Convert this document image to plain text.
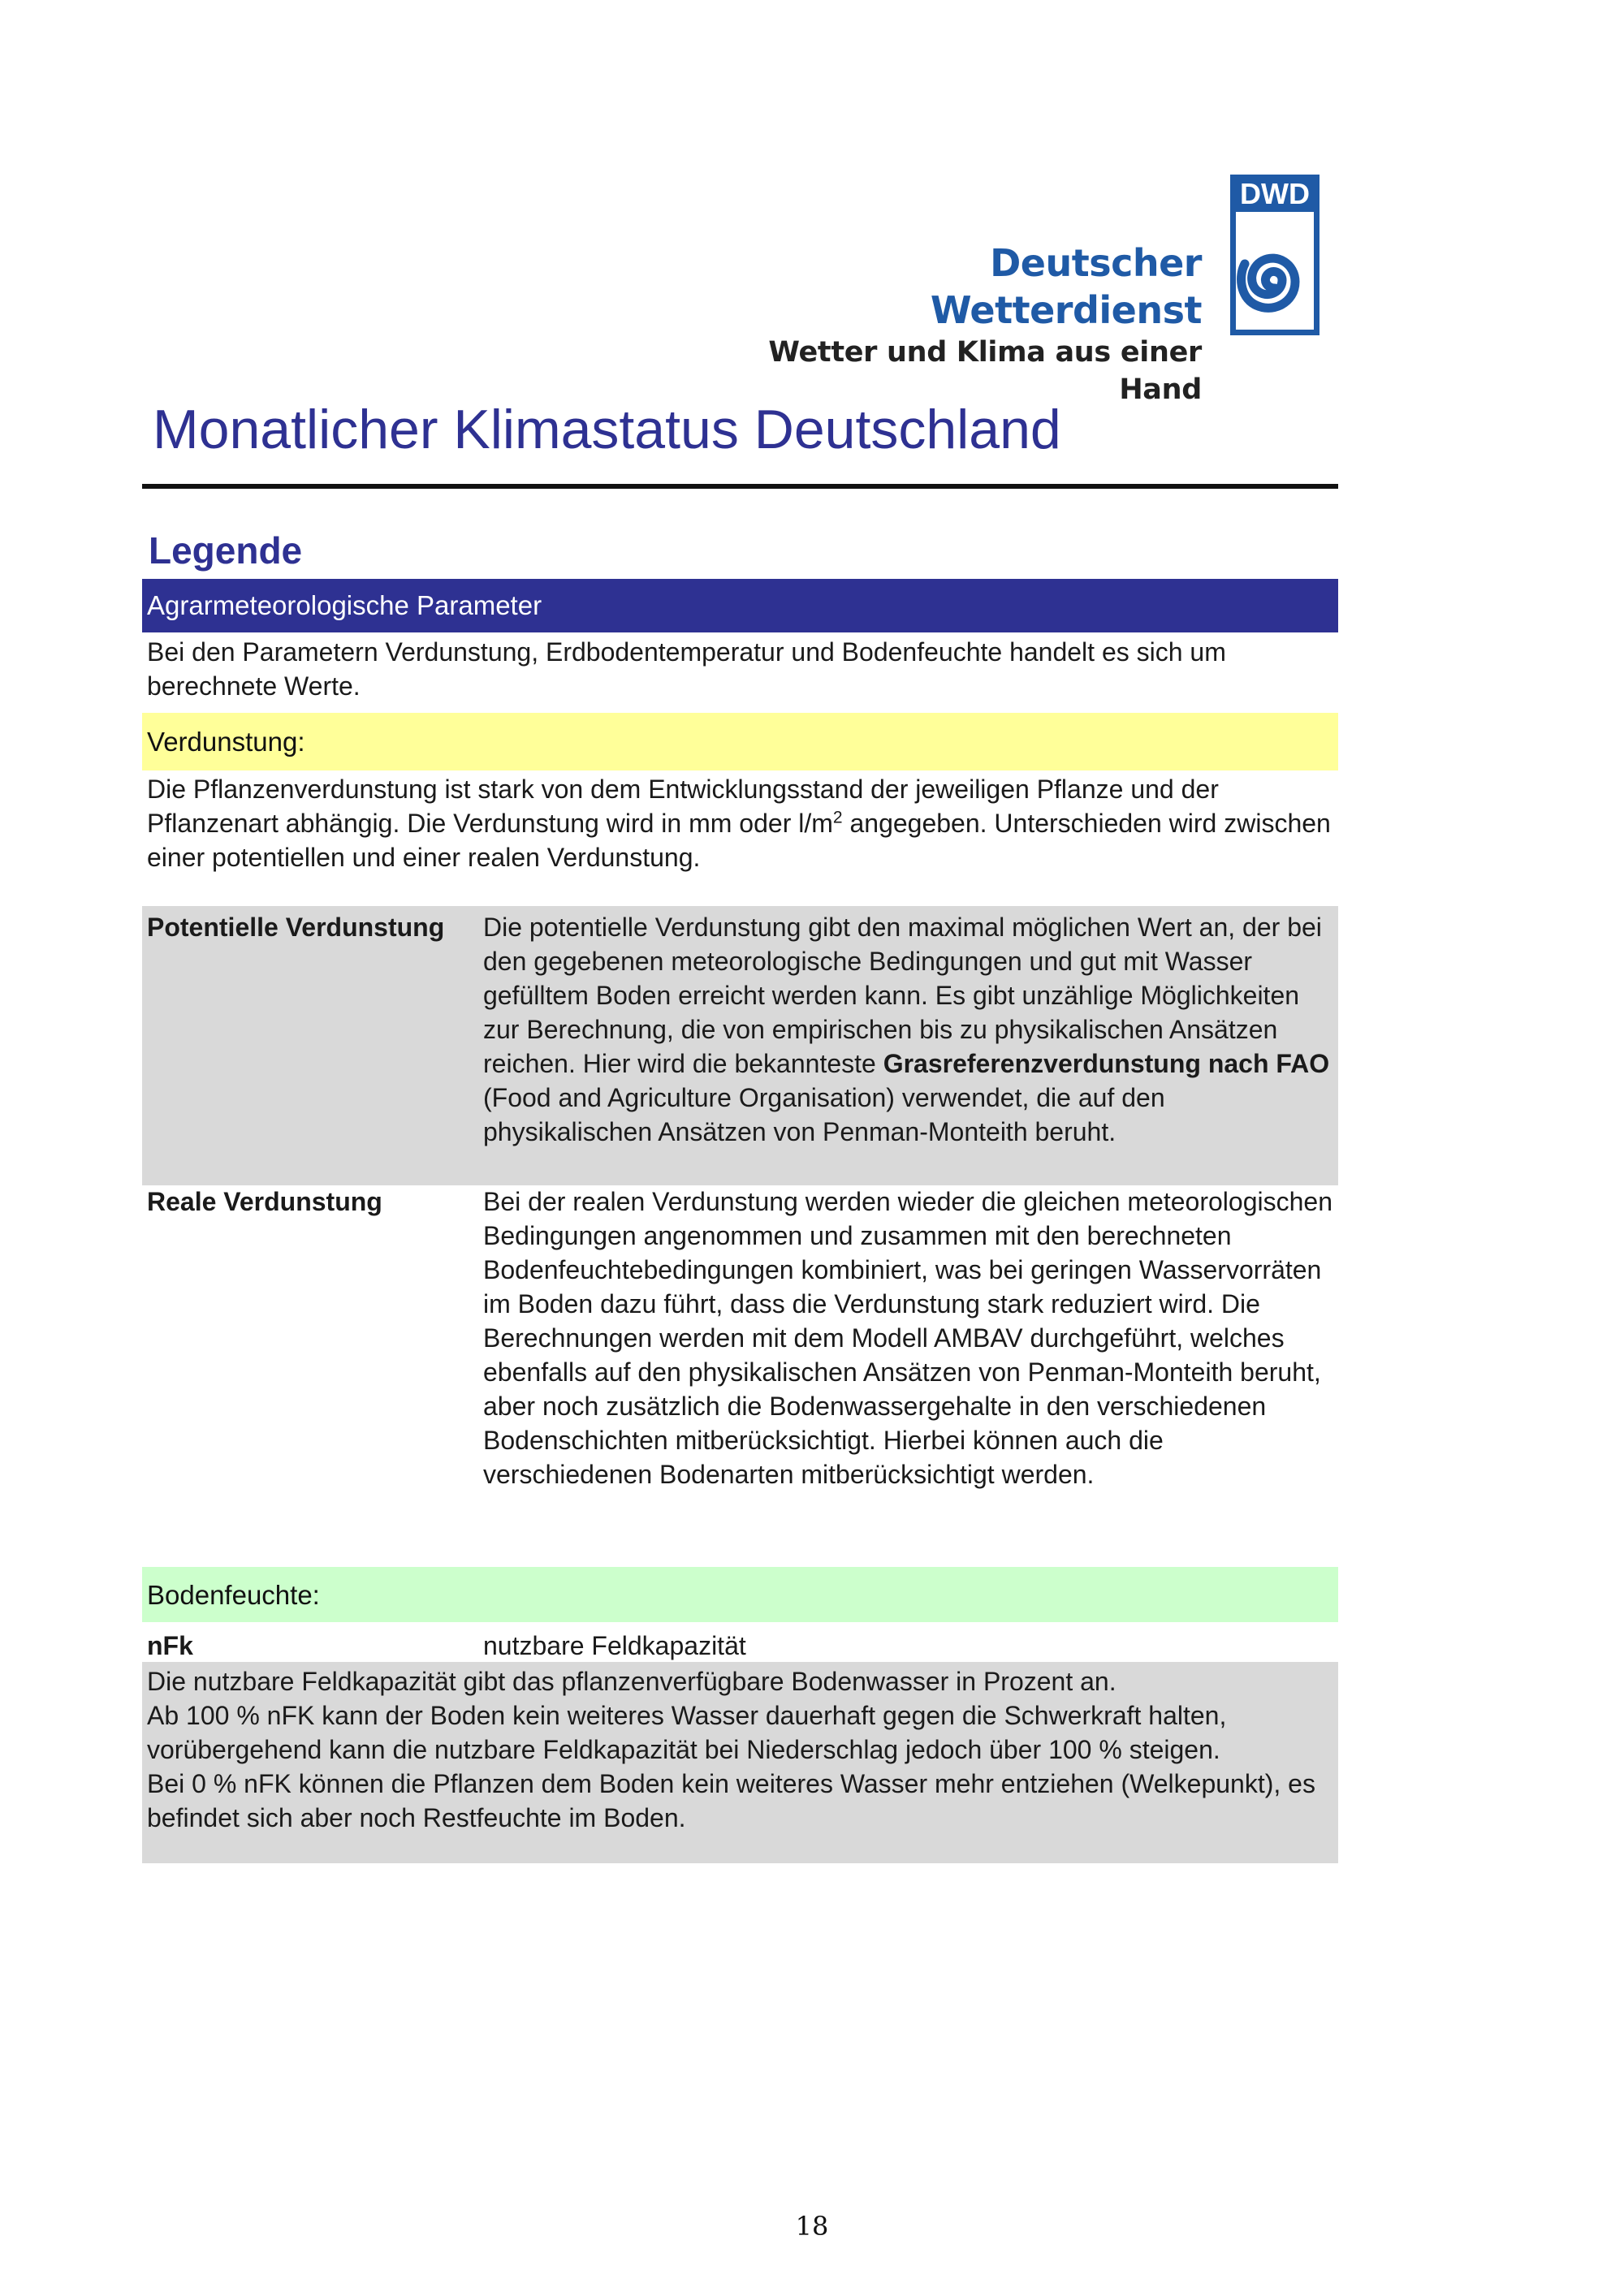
Deutscher Wetterdienst
Wetter und Klima aus einer Hand
DWD
Monatlicher Klimastatus Deutschland
Legende
Agrarmeteorologische Parameter
Bei den Parametern Verdunstung, Erdbodentemperatur und Bodenfeuchte handelt es sich um berechnete Werte.
Verdunstung:
Die Pflanzenverdunstung ist stark von dem Entwicklungsstand der jeweiligen Pflanze und der Pflanzenart abhängig. Die Verdunstung wird in mm oder $l/m^2$ angegeben. Unterschieden wird zwischen einer potentiellen und einer realen Verdunstung.
Potentielle Verdunstung Die potentielle Verdunstung gibt den maximal möglichen Wert an, der bei den gegebenen meteorologische Bedingungen und gut mit Wasser gefülltem Boden erreicht werden kann. Es gibt unzählige Möglichkeiten zur Berechnung, die von empirischen bis zu physikalischen Ansätzen reichen. Hier wird die bekannteste Grasreferenzverdunstung nach FAO (Food and Agriculture Organisation) verwendet, die auf den physikalischen Ansätzen von Penman-Monteith beruht.
Reale Verdunstung	Bei der realen Verdunstung werden wieder die gleichen meteorologischen Bedingungen angenommen und zusammen mit den berechneten Bodenfeuchtebedingungen kombiniert, was bei geringen Wasservorräten im Boden dazu führt, dass die Verdunstung stark reduziert wird. Die Berechnungen werden mit dem Modell AMBAV durchgeführt, welches ebenfalls auf den physikalischen Ansätzen von Penman-Monteith beruht, aber noch zusätzlich die Bodenwassergehalte in den verschiedenen Bodenschichten mitberücksichtigt. Hierbei können auch die verschiedenen Bodenarten mitberücksichtigt werden.
Bodenfeuchte:
nFk	nutzbare Feldkapazität
Die nutzbare Feldkapazität gibt das pflanzenverfügbare Bodenwasser in Prozent an.
Ab 100 % nFK kann der Boden kein weiteres Wasser dauerhaft gegen die Schwerkraft halten, vorübergehend kann die nutzbare Feldkapazität bei Niederschlag jedoch über 100 % steigen.
Bei 0 % nFK können die Pflanzen dem Boden kein weiteres Wasser mehr entziehen (Welkepunkt), es befindet sich aber noch Restfeuchte im Boden.
18
